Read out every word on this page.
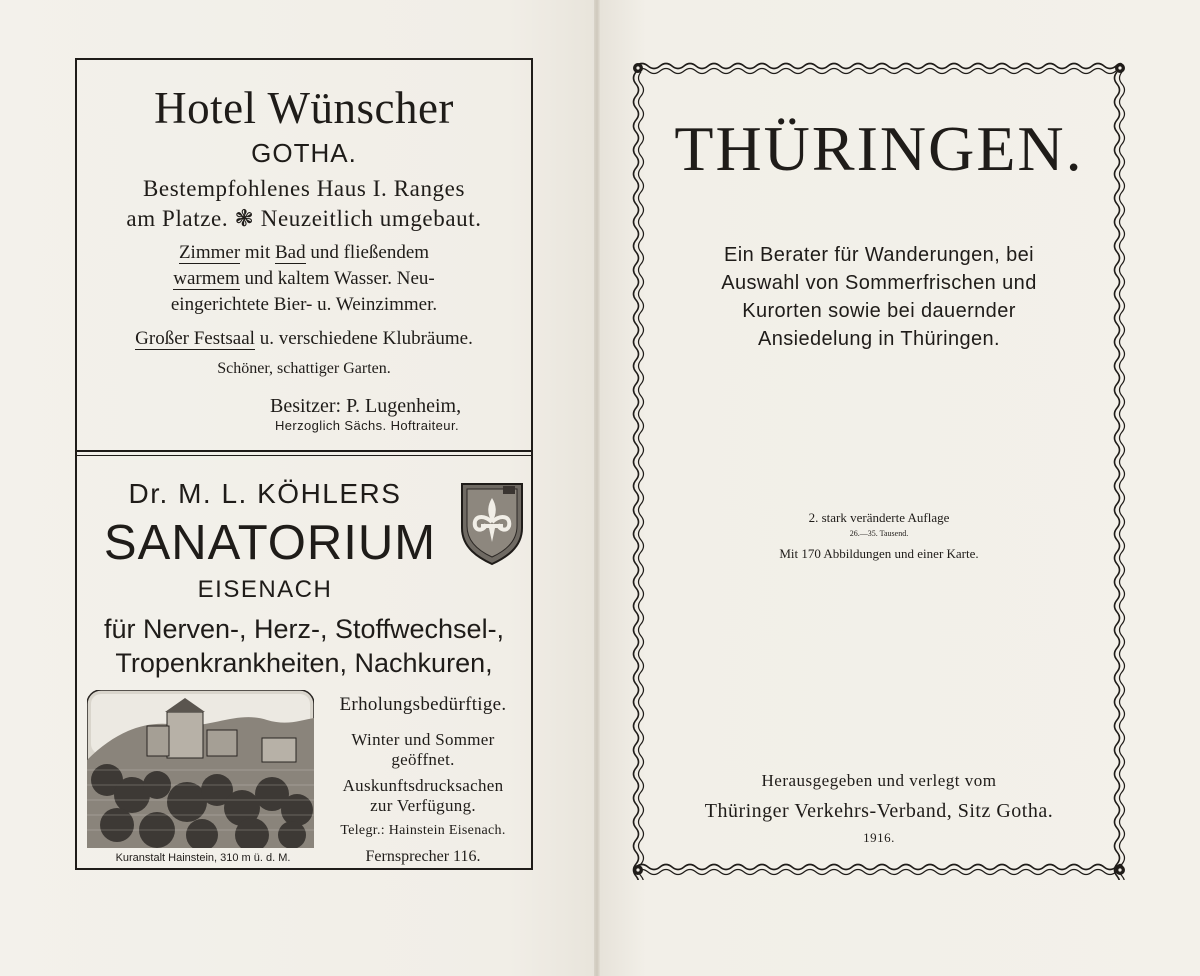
Hotel Wünscher
GOTHA.
Bestempfohlenes Haus I. Ranges
am Platze. ❃ Neuzeitlich umgebaut.
Zimmer mit Bad und fließendem
warmem und kaltem Wasser. Neu-
eingerichtete Bier- u. Weinzimmer.
Großer Festsaal u. verschiedene Klubräume.
Schöner, schattiger Garten.
Besitzer: P. Lugenheim,
Herzoglich Sächs. Hoftraiteur.
Dr. M. L. KÖHLERS
SANATORIUM
EISENACH
für Nerven-, Herz-, Stoffwechsel-,
Tropenkrankheiten, Nachkuren,
Erholungsbedürftige.
Winter und Sommer
geöffnet.
Auskunftsdrucksachen
zur Verfügung.
Telegr.: Hainstein Eisenach.
Kuranstalt Hainstein, 310 m ü. d. M.	Fernsprecher 116.
THÜRINGEN.
Ein Berater für Wanderungen, bei
Auswahl von Sommerfrischen und
Kurorten sowie bei dauernder
Ansiedelung in Thüringen.
2. stark veränderte Auflage
26.—35. Tausend.
Mit 170 Abbildungen und einer Karte.
Herausgegeben und verlegt vom
Thüringer Verkehrs-Verband, Sitz Gotha.
1916.
